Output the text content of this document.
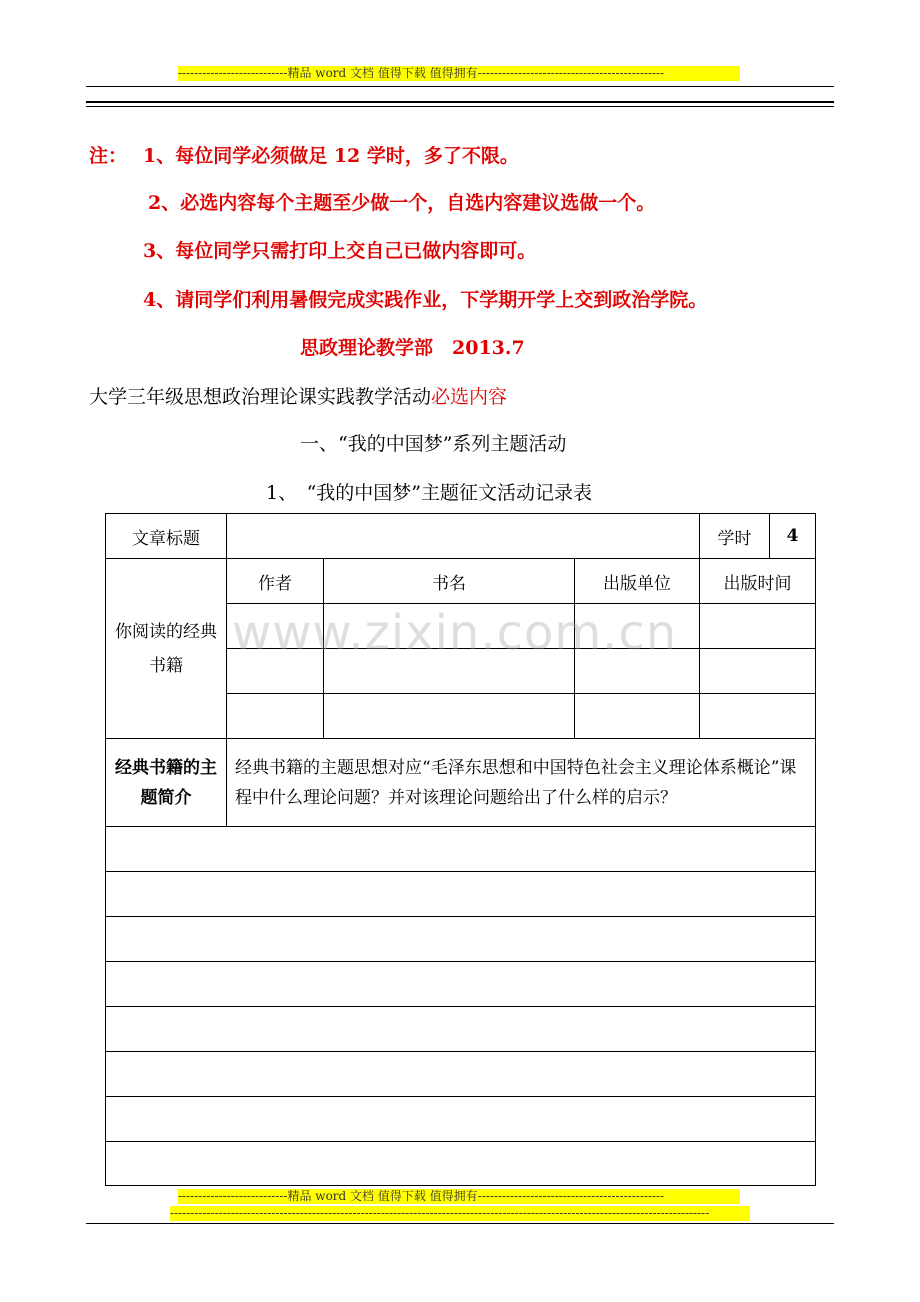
---------------------------精品 word 文档 值得下载 值得拥有----------------------------------------------
注： 1、每位同学必须做足 12 学时，多了不限。
2、必选内容每个主题至少做一个，自选内容建议选做一个。
3、每位同学只需打印上交自己已做内容即可。
4、请同学们利用暑假完成实践作业，下学期开学上交到政治学院。
思政理论教学部　2013.7
大学三年级思想政治理论课实践教学活动必选内容
一、“我的中国梦”系列主题活动
1、　“我的中国梦”主题征文活动记录表
文章标题				学时	4
你阅读的经典书籍	作者	书名	出版单位	出版时间	

经典书籍的主题简介	经典书籍的主题思想对应“毛泽东思想和中国特色社会主义理论体系概论”课程中什么理论问题？并对该理论问题给出了什么样的启示？				

www.zixin.com.cn
---------------------------精品 word 文档 值得下载 值得拥有----------------------------------------------
-------------------------------------------------------------------------------------------------------------------------------------
